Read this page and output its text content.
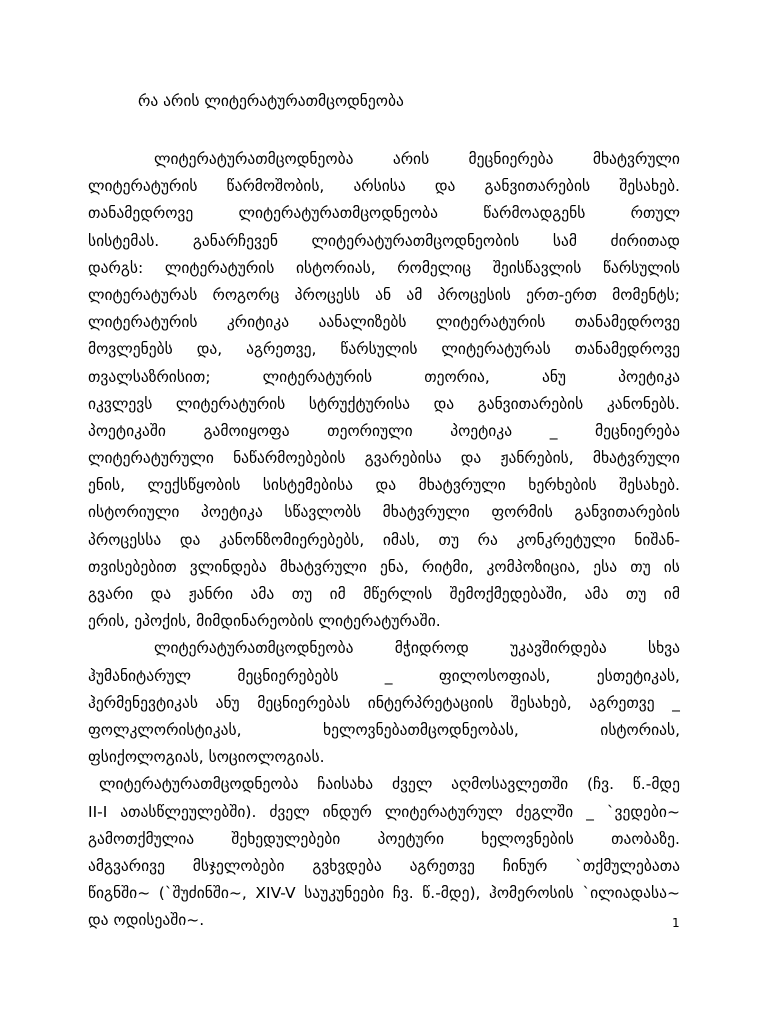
რა არის ლიტერატურათმცოდნეობა
ლიტერატურათმცოდნეობა	არის	მეცნიერება	მხატვრული
ლიტერატურის წარმოშობის, არსისა და განვითარების შესახებ.
თანამედროვე	ლიტერატურათმცოდნეობა	წარმოადგენს	რთულ
სისტემას. განარჩევენ ლიტერატურათმცოდნეობის სამ ძირითად
დარგს: ლიტერატურის ისტორიას, რომელიც შეისწავლის წარსულის
ლიტერატურას როგორც პროცესს ან ამ პროცესის ერთ-ერთ მომენტს;
ლიტერატურის კრიტიკა აანალიზებს ლიტერატურის თანამედროვე
მოვლენებს და, აგრეთვე, წარსულის ლიტერატურას თანამედროვე
თვალსაზრისით;	ლიტერატურის	თეორია,	ანუ	პოეტიკა
იკვლევს ლიტერატურის სტრუქტურისა და განვითარების კანონებს.
პოეტიკაში გამოიყოფა თეორიული პოეტიკა _ მეცნიერება
ლიტერატურული ნაწარმოებების გვარებისა და ჟანრების, მხატვრული
ენის, ლექსწყობის სისტემებისა და მხატვრული ხერხების შესახებ.
ისტორიული პოეტიკა სწავლობს მხატვრული ფორმის განვითარების
პროცესსა და კანონზომიერებებს, იმას, თუ რა კონკრეტული ნიშან-
თვისებებით ვლინდება მხატვრული ენა, რიტმი, კომპოზიცია, ესა თუ ის
გვარი და ჟანრი ამა თუ იმ მწერლის შემოქმედებაში, ამა თუ იმ
ერის, ეპოქის, მიმდინარეობის ლიტერატურაში.
ლიტერატურათმცოდნეობა	მჭიდროდ	უკავშირდება	სხვა
ჰუმანიტარულ	მეცნიერებებს	_	ფილოსოფიას,	ესთეტიკას,
ჰერმენევტიკას ანუ მეცნიერებას ინტერპრეტაციის შესახებ, აგრეთვე _
ფოლკლორისტიკას,	ხელოვნებათმცოდნეობას,	ისტორიას,
ფსიქოლოგიას, სოციოლოგიას.
ლიტერატურათმცოდნეობა ჩაისახა ძველ აღმოსავლეთში (ჩვ. წ.-მდე
II-I ათასწლეულებში). ძველ ინდურ ლიტერატურულ ძეგლში _ `ვედები~
გამოთქმულია შეხედულებები პოეტური ხელოვნების თაობაზე.
ამგვარივე მსჯელობები გვხვდება აგრეთვე ჩინურ `თქმულებათა
წიგნში~ (`შუძინში~, XIV-V საუკუნეები ჩვ. წ.-მდე), ჰომეროსის `ილიადასა~
და ოდისეაში~.	1
